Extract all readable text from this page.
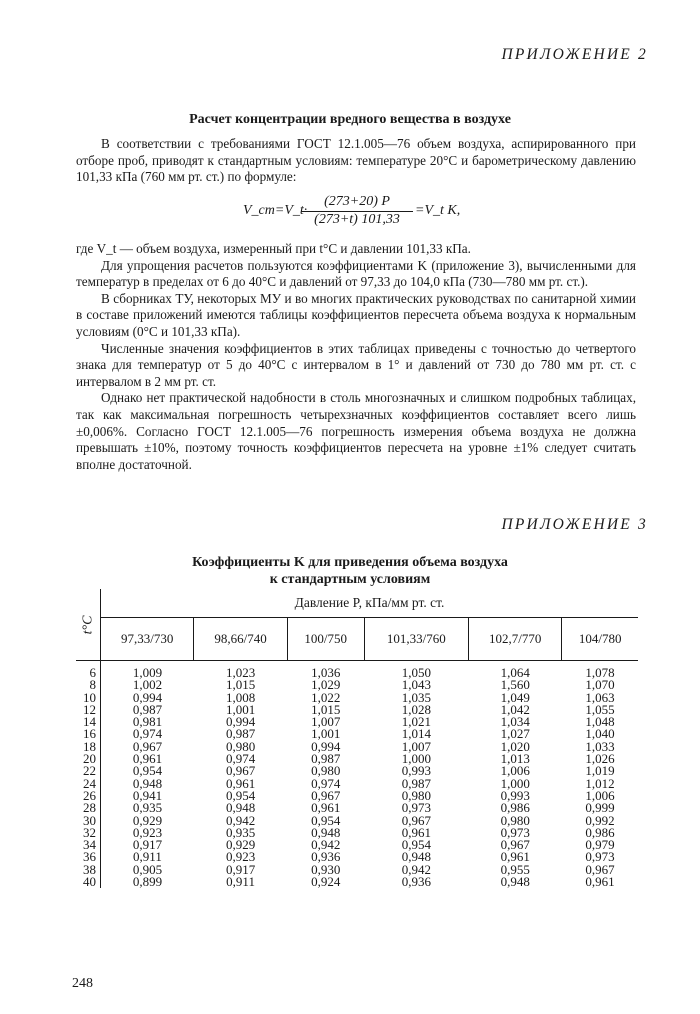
ПРИЛОЖЕНИЕ 2
Расчет концентрации вредного вещества в воздухе

В соответствии с требованиями ГОСТ 12.1.005—76 объем воздуха, аспирированного при отборе проб, приводят к стандартным условиям: температуре 20°C и барометрическому давлению 101,33 кПа (760 мм рт. ст.) по формуле:

V_ст=V_t·
$\frac{(273+20) P}{(273+t) 101,33}$ =V_t K,

где V_t — объем воздуха, измеренный при t°C и давлении 101,33 кПа.

Для упрощения расчетов пользуются коэффициентами K (приложение 3), вычисленными для температур в пределах от 6 до 40°C и давлений от 97,33 до 104,0 кПа (730—780 мм рт. ст.).

В сборниках ТУ, некоторых МУ и во многих практических руководствах по санитарной химии в составе приложений имеются таблицы коэффициентов пересчета объема воздуха к нормальным условиям (0°C и 101,33 кПа).

Численные значения коэффициентов в этих таблицах приведены с точностью до четвертого знака для температур от 5 до 40°C с интервалом в 1° и давлений от 730 до 780 мм рт. ст. с интервалом в 2 мм рт. ст.

Однако нет практической надобности в столь многозначных и слишком подробных таблицах, так как максимальная погрешность четырехзначных коэффициентов составляет всего лишь ±0,006%. Согласно ГОСТ 12.1.005—76 погрешность измерения объема воздуха не должна превышать ±10%, поэтому точность коэффициентов пересчета на уровне ±1% следует считать вполне достаточной.

ПРИЛОЖЕНИЕ 3
Коэффициенты K для приведения объема воздуха
к стандартным условиям
t°C	Давление P, кПа/мм рт. ст.					
	97,33/730	98,66/740	100/750	101,33/760	102,7/770	104/780
6	1,009	1,023	1,036	1,050	1,064	1,078
8	1,002	1,015	1,029	1,043	1,560	1,070
10	0,994	1,008	1,022	1,035	1,049	1,063
12	0,987	1,001	1,015	1,028	1,042	1,055
14	0,981	0,994	1,007	1,021	1,034	1,048
16	0,974	0,987	1,001	1,014	1,027	1,040
18	0,967	0,980	0,994	1,007	1,020	1,033
20	0,961	0,974	0,987	1,000	1,013	1,026
22	0,954	0,967	0,980	0,993	1,006	1,019
24	0,948	0,961	0,974	0,987	1,000	1,012
26	0,941	0,954	0,967	0,980	0,993	1,006
28	0,935	0,948	0,961	0,973	0,986	0,999
30	0,929	0,942	0,954	0,967	0,980	0,992
32	0,923	0,935	0,948	0,961	0,973	0,986
34	0,917	0,929	0,942	0,954	0,967	0,979
36	0,911	0,923	0,936	0,948	0,961	0,973
38	0,905	0,917	0,930	0,942	0,955	0,967
40	0,899	0,911	0,924	0,936	0,948	0,961
248
